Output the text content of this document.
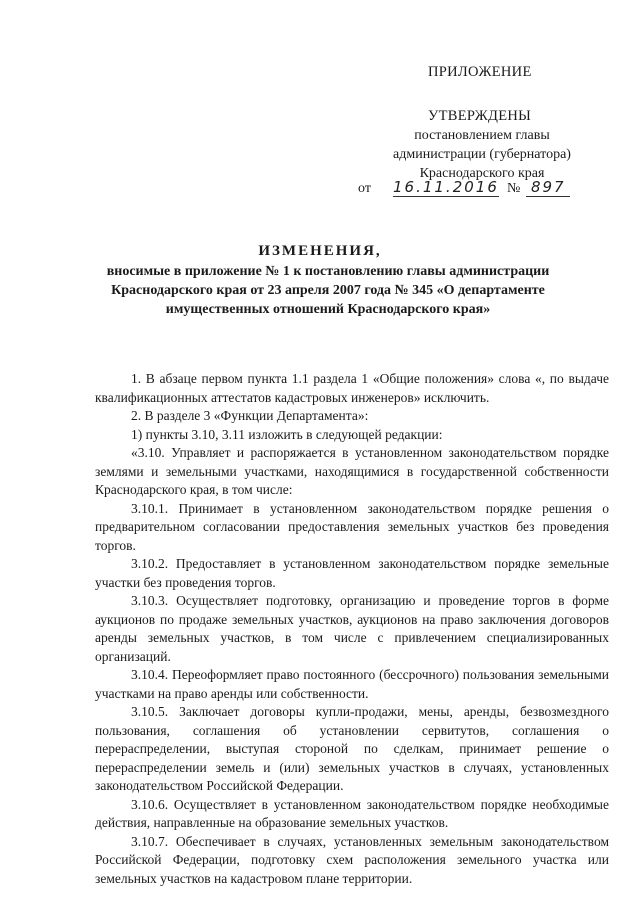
ПРИЛОЖЕНИЕ
УТВЕРЖДЕНЫ
постановлением главы
администрации (губернатора)
Краснодарского края
от 16.11.2016 № 897
ИЗМЕНЕНИЯ,
вносимые в приложение № 1 к постановлению главы администрации
Краснодарского края от 23 апреля 2007 года № 345 «О департаменте
имущественных отношений Краснодарского края»

1. В абзаце первом пункта 1.1 раздела 1 «Общие положения» слова «, по выдаче квалификационных аттестатов кадастровых инженеров» исключить.

2. В разделе 3 «Функции Департамента»:

1) пункты 3.10, 3.11 изложить в следующей редакции:

«3.10. Управляет и распоряжается в установленном законодательством порядке землями и земельными участками, находящимися в государственной собственности Краснодарского края, в том числе:

3.10.1. Принимает в установленном законодательством порядке решения о предварительном согласовании предоставления земельных участков без проведения торгов.

3.10.2. Предоставляет в установленном законодательством порядке земельные участки без проведения торгов.

3.10.3. Осуществляет подготовку, организацию и проведение торгов в форме аукционов по продаже земельных участков, аукционов на право заключения договоров аренды земельных участков, в том числе с привлечением специализированных организаций.

3.10.4. Переоформляет право постоянного (бессрочного) пользования земельными участками на право аренды или собственности.

3.10.5. Заключает договоры купли-продажи, мены, аренды, безвозмездного пользования, соглашения об установлении сервитутов, соглашения о перераспределении, выступая стороной по сделкам, принимает решение о перераспределении земель и (или) земельных участков в случаях, установленных законодательством Российской Федерации.

3.10.6. Осуществляет в установленном законодательством порядке необходимые действия, направленные на образование земельных участков.

3.10.7. Обеспечивает в случаях, установленных земельным законодательством Российской Федерации, подготовку схем расположения земельного участка или земельных участков на кадастровом плане территории.
